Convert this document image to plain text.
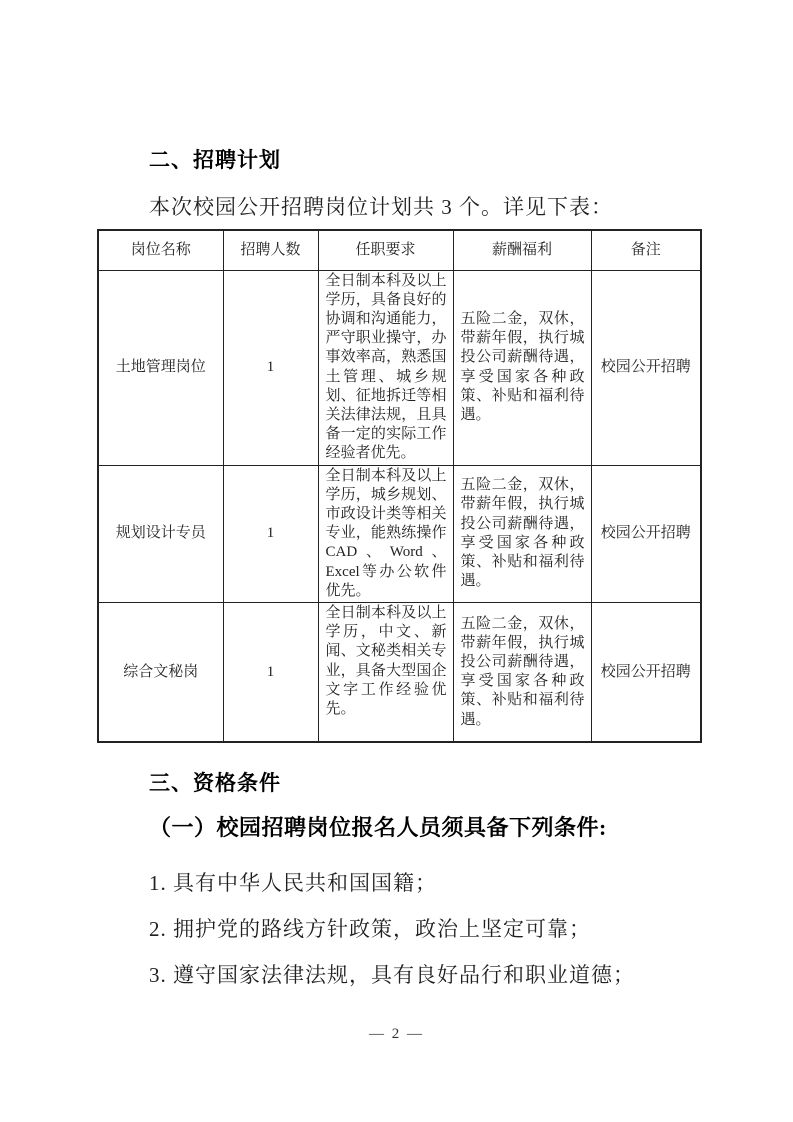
二、招聘计划

本次校园公开招聘岗位计划共 3 个。详见下表：

岗位名称	招聘人数	任职要求	薪酬福利	备注
土地管理岗位	1	全日制本科及以上学历，具备良好的协调和沟通能力，严守职业操守，办事效率高，熟悉国土管理、城乡规划、征地拆迁等相关法律法规，且具备一定的实际工作经验者优先。	五险二金，双休，带薪年假，执行城投公司薪酬待遇，享受国家各种政策、补贴和福利待遇。	校园公开招聘
规划设计专员	1	全日制本科及以上学历，城乡规划、市政设计类等相关专业，能熟练操作CAD、Word、Excel等办公软件优先。	五险二金，双休，带薪年假，执行城投公司薪酬待遇，享受国家各种政策、补贴和福利待遇。	校园公开招聘
综合文秘岗	1	全日制本科及以上学历，中文、新闻、文秘类相关专业，具备大型国企文字工作经验优先。	五险二金，双休，带薪年假，执行城投公司薪酬待遇，享受国家各种政策、补贴和福利待遇。	校园公开招聘
三、资格条件
（一）校园招聘岗位报名人员须具备下列条件:

1. 具有中华人民共和国国籍；

2. 拥护党的路线方针政策，政治上坚定可靠；

3. 遵守国家法律法规，具有良好品行和职业道德；

— 2 —
